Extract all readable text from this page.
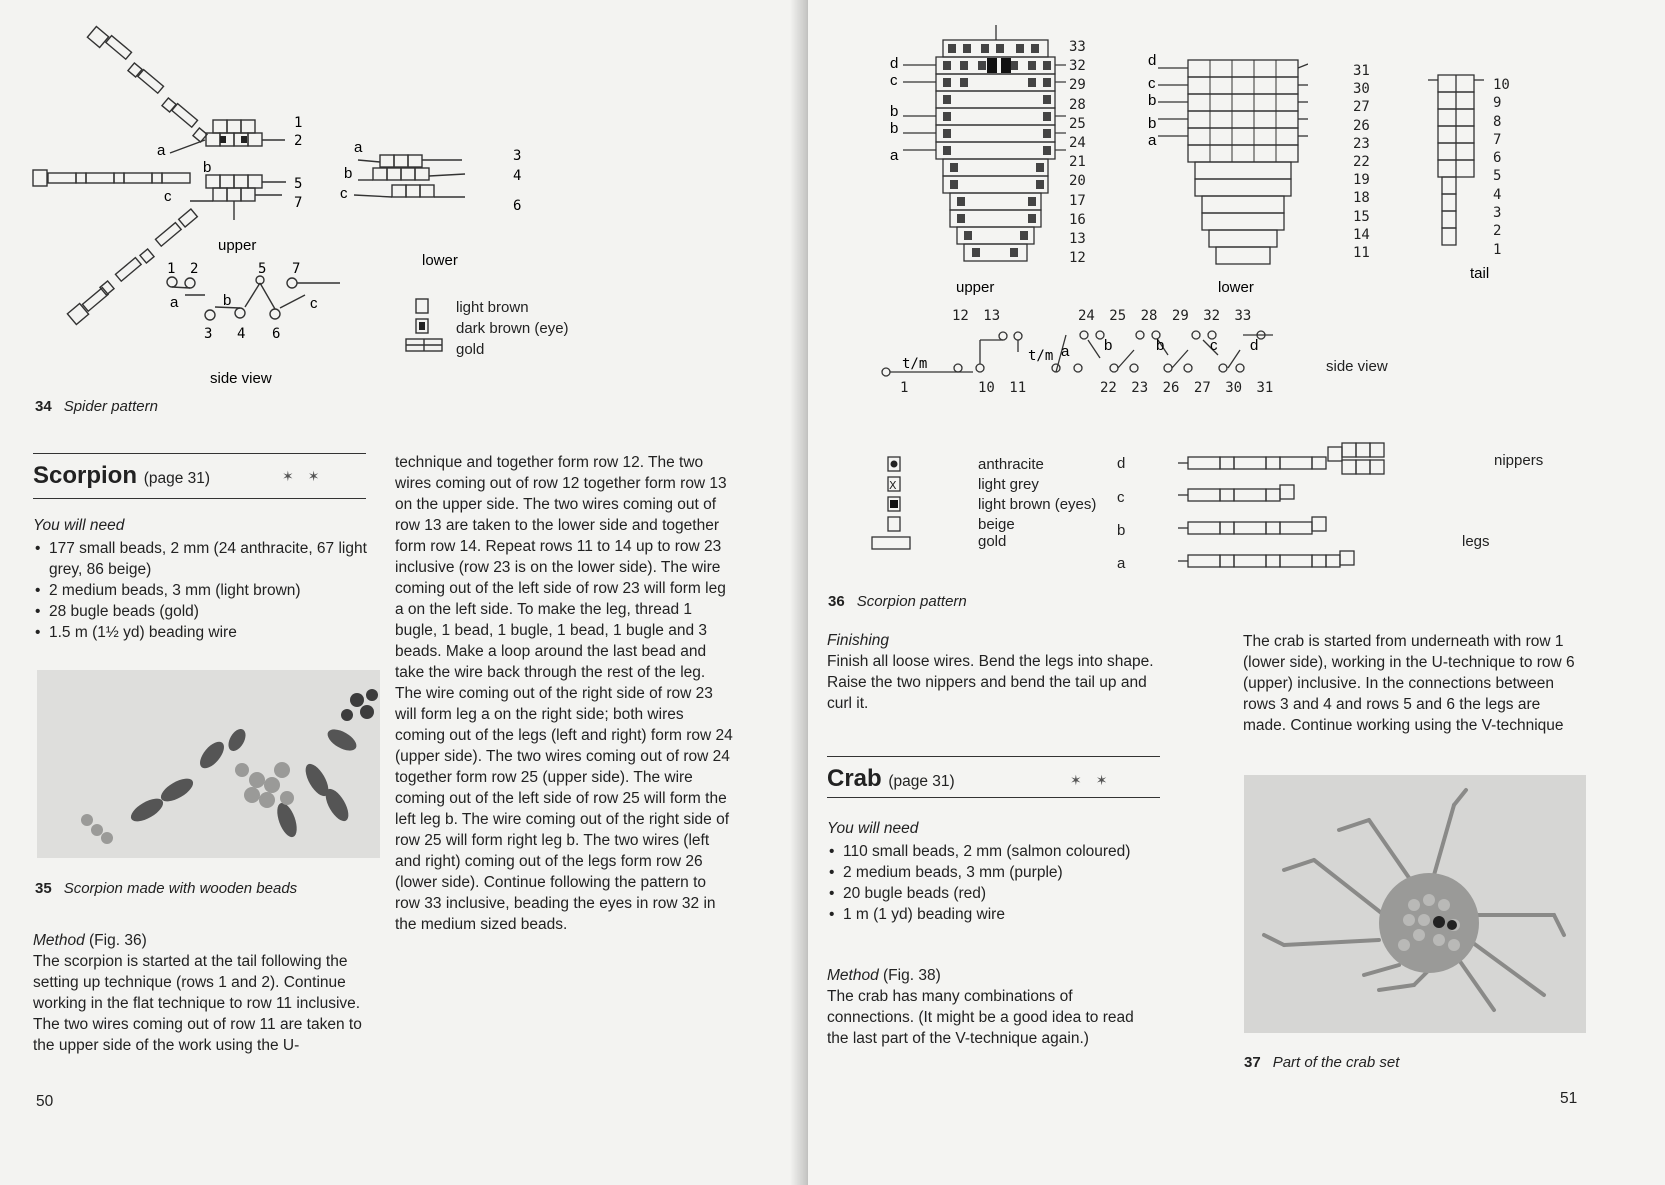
a
b
c
1
2
5
7
upper
1 2	5 7
a	b	c
3 4 6
side view
a
b
c
3
4
6
lower
light brown
dark brown (eye)
gold
34 Spider pattern
Scorpion (page 31)	✶✶
You will need
• 177 small beads, 2 mm (24 anthracite, 67 light grey, 86 beige)
• 2 medium beads, 3 mm (light brown)
• 28 bugle beads (gold)
• 1.5 m (1½ yd) beading wire
35 Scorpion made with wooden beads
Method (Fig. 36)
The scorpion is started at the tail following the setting up technique (rows 1 and 2). Continue working in the flat technique to row 11 inclusive. The two wires coming out of row 11 are taken to the upper side of the work using the U-
technique and together form row 12. The two wires coming out of row 12 together form row 13 on the upper side. The two wires coming out of row 13 are taken to the lower side and together form row 14. Repeat rows 11 to 14 up to row 23 inclusive (row 23 is on the lower side). The wire coming out of the left side of row 23 will form leg a on the left side. To make the leg, thread 1 bugle, 1 bead, 1 bugle, 1 bead, 1 bugle and 3 beads. Make a loop around the last bead and take the wire back through the rest of the leg. The wire coming out of the right side of row 23 will form leg a on the right side; both wires coming out of the legs (left and right) form row 24 (upper side). The two wires coming out of row 24 together form row 25 (upper side). The wire coming out of the left side of row 25 will form the left leg b. The wire coming out of the right side of row 25 will form right leg b. The two wires (left and right) coming out of the legs form row 26 (lower side). Continue following the pattern to row 33 inclusive, beading the eyes in row 32 in the medium sized beads.
50
d
c
b
b
a
upper
33
32
29
28
25
24
21
20
17
16
13
12
d
c
b
b
a
lower
31
30
27
26
23
22
19
18
15
14
11
tail
10
9
8
7
6
5
4
3
2
1
t/m	t/m a b	b	c d
12 13	24 25 28 29 32 33
1	10 11	22 23 26 27 30 31
side view
X
anthracite
light grey
light brown (eyes)
beige
gold
d
c
b
a
nippers
legs
36 Scorpion pattern
Finishing
Finish all loose wires. Bend the legs into shape. Raise the two nippers and bend the tail up and curl it.
Crab (page 31)	✶✶
You will need
• 110 small beads, 2 mm (salmon coloured)
• 2 medium beads, 3 mm (purple)
• 20 bugle beads (red)
• 1 m (1 yd) beading wire
Method (Fig. 38)
The crab has many combinations of connections. (It might be a good idea to read the last part of the V-technique again.)
The crab is started from underneath with row 1 (lower side), working in the U-technique to row 6 (upper) inclusive. In the connections between rows 3 and 4 and rows 5 and 6 the legs are made. Continue working using the V-technique
37 Part of the crab set
51
